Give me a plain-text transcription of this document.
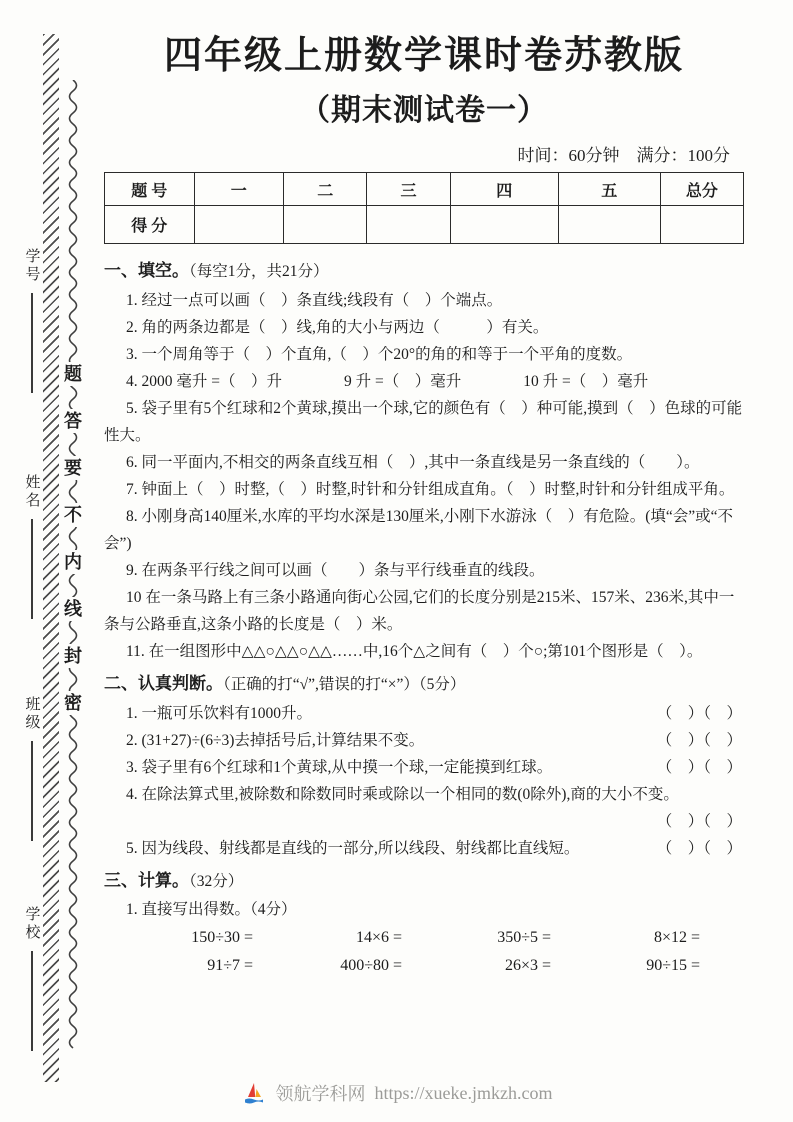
学号
姓名
班级
学校
题
答
要
不
内
线
封
密
四年级上册数学课时卷苏教版
（期末测试卷一）
时间：60分钟　满分：100分
题 号	一	二	三	四	五	总分
得 分						

一、填空。（每空1分，共21分）

1. 经过一点可以画（　）条直线;线段有（　）个端点。

2. 角的两条边都是（　）线,角的大小与两边（　　　）有关。

3. 一个周角等于（　）个直角,（　）个20°的角的和等于一个平角的度数。

4. 2000 毫升 =（　）升　　　　9 升 =（　）毫升　　　　10 升 =（　）毫升

5. 袋子里有5个红球和2个黄球,摸出一个球,它的颜色有（　）种可能,摸到（　）色球的可能性大。

6. 同一平面内,不相交的两条直线互相（　）,其中一条直线是另一条直线的（　　）。

7. 钟面上（　）时整,（　）时整,时针和分针组成直角。（　）时整,时针和分针组成平角。

8. 小刚身高140厘米,水库的平均水深是130厘米,小刚下水游泳（　）有危险。(填“会”或“不会”)

9. 在两条平行线之间可以画（　　）条与平行线垂直的线段。

10 在一条马路上有三条小路通向街心公园,它们的长度分别是215米、157米、236米,其中一条与公路垂直,这条小路的长度是（　）米。

11. 在一组图形中△△○△△○△△……中,16个△之间有（　）个○;第101个图形是（　）。

二、认真判断。（正确的打“√”,错误的打“×”）（5分）

1. 一瓶可乐饮料有1000升。	（　）（　）
2. (31+27)÷(6÷3)去掉括号后,计算结果不变。	（　）（　）
3. 袋子里有6个红球和1个黄球,从中摸一个球,一定能摸到红球。	（　）（　）
4. 在除法算式里,被除数和除数同时乘或除以一个相同的数(0除外),商的大小不变。
（　）（　）
5. 因为线段、射线都是直线的一部分,所以线段、射线都比直线短。	（　）（　）

三、计算。（32分）

1. 直接写出得数。（4分）

150÷30 =	14×6 =	350÷5 =	8×12 =
91÷7 =	400÷80 =	26×3 =	90÷15 =
领航学科网 https://xueke.jmkzh.com
